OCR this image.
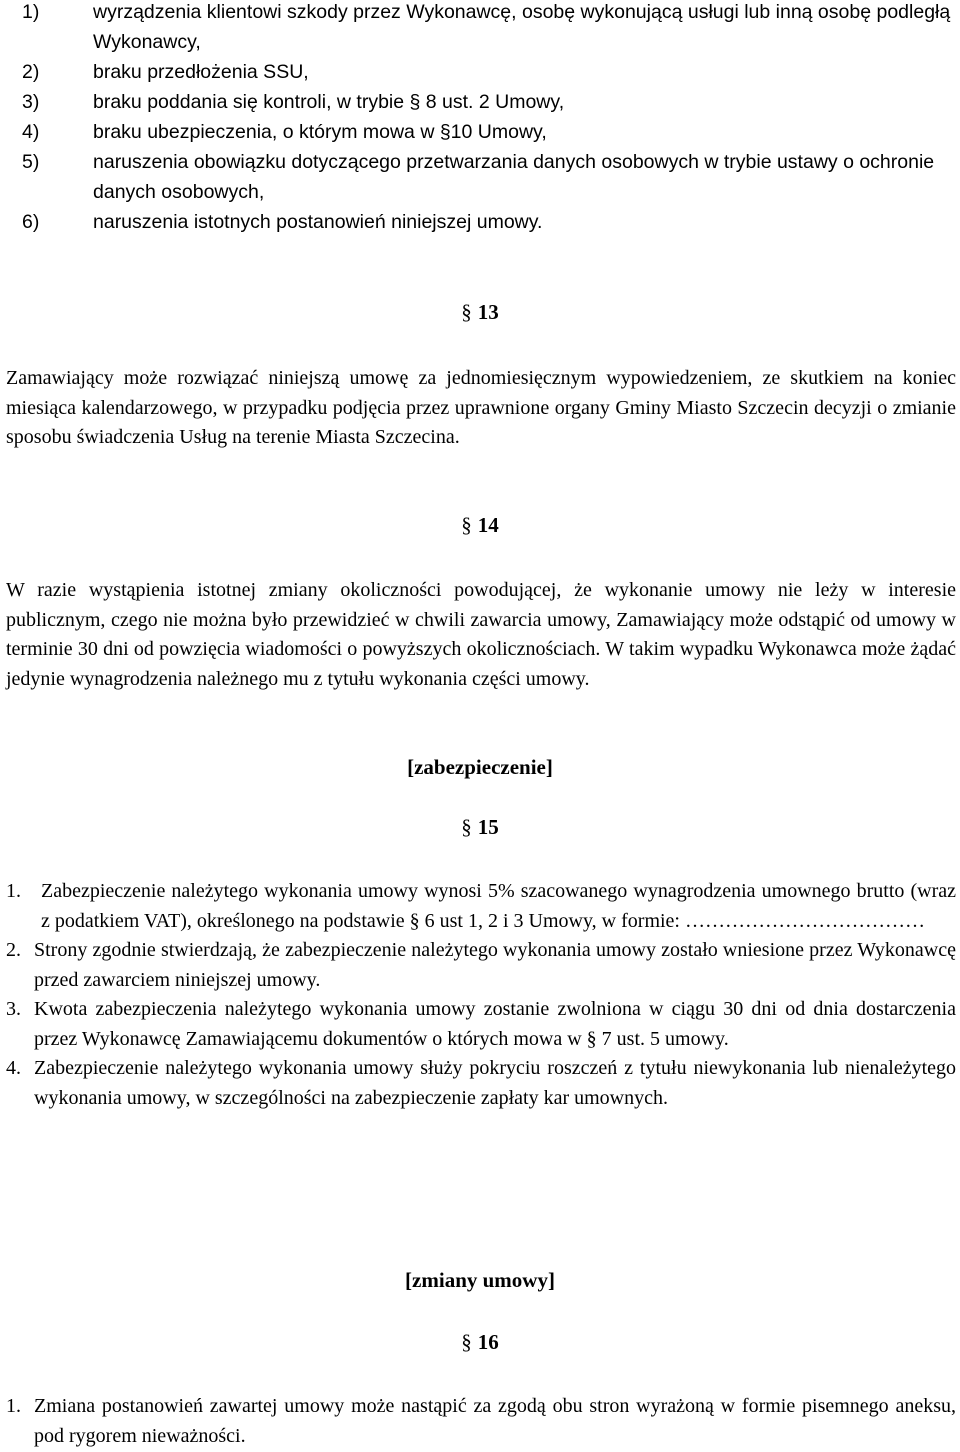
1)	wyrządzenia klientowi szkody przez Wykonawcę, osobę wykonującą usługi lub inną osobę podległą Wykonawcy,
2)	braku przedłożenia SSU,
3)	braku poddania się kontroli, w trybie § 8 ust. 2 Umowy,
4)	braku ubezpieczenia, o którym mowa w §10 Umowy,
5)	naruszenia obowiązku dotyczącego przetwarzania danych osobowych w trybie ustawy o ochronie danych osobowych,
6)	naruszenia istotnych postanowień niniejszej umowy.
§ 13
Zamawiający może rozwiązać niniejszą umowę za jednomiesięcznym wypowiedzeniem, ze skutkiem na koniec miesiąca kalendarzowego, w przypadku podjęcia przez uprawnione organy Gminy Miasto Szczecin decyzji o zmianie sposobu świadczenia Usług na terenie Miasta Szczecina.
§ 14
W razie wystąpienia istotnej zmiany okoliczności powodującej, że wykonanie umowy nie leży w interesie publicznym, czego nie można było przewidzieć w chwili zawarcia umowy, Zamawiający może odstąpić od umowy w terminie 30 dni od powzięcia wiadomości o powyższych okolicznościach. W takim wypadku Wykonawca może żądać jedynie wynagrodzenia należnego mu z tytułu wykonania części umowy.
[zabezpieczenie]
§ 15
1. Zabezpieczenie należytego wykonania umowy wynosi 5% szacowanego wynagrodzenia umownego brutto (wraz z podatkiem VAT), określonego na podstawie § 6 ust 1, 2 i 3 Umowy, w formie: ………………………………
2. Strony zgodnie stwierdzają, że zabezpieczenie należytego wykonania umowy zostało wniesione przez Wykonawcę przed zawarciem niniejszej umowy.
3. Kwota zabezpieczenia należytego wykonania umowy zostanie zwolniona w ciągu 30 dni od dnia dostarczenia przez Wykonawcę Zamawiającemu dokumentów o których mowa w § 7 ust. 5 umowy.
4. Zabezpieczenie należytego wykonania umowy służy pokryciu roszczeń z tytułu niewykonania lub nienależytego wykonania umowy, w szczególności na zabezpieczenie zapłaty kar umownych.
[zmiany umowy]
§ 16
1. Zmiana postanowień zawartej umowy może nastąpić za zgodą obu stron wyrażoną w formie pisemnego aneksu, pod rygorem nieważności.
